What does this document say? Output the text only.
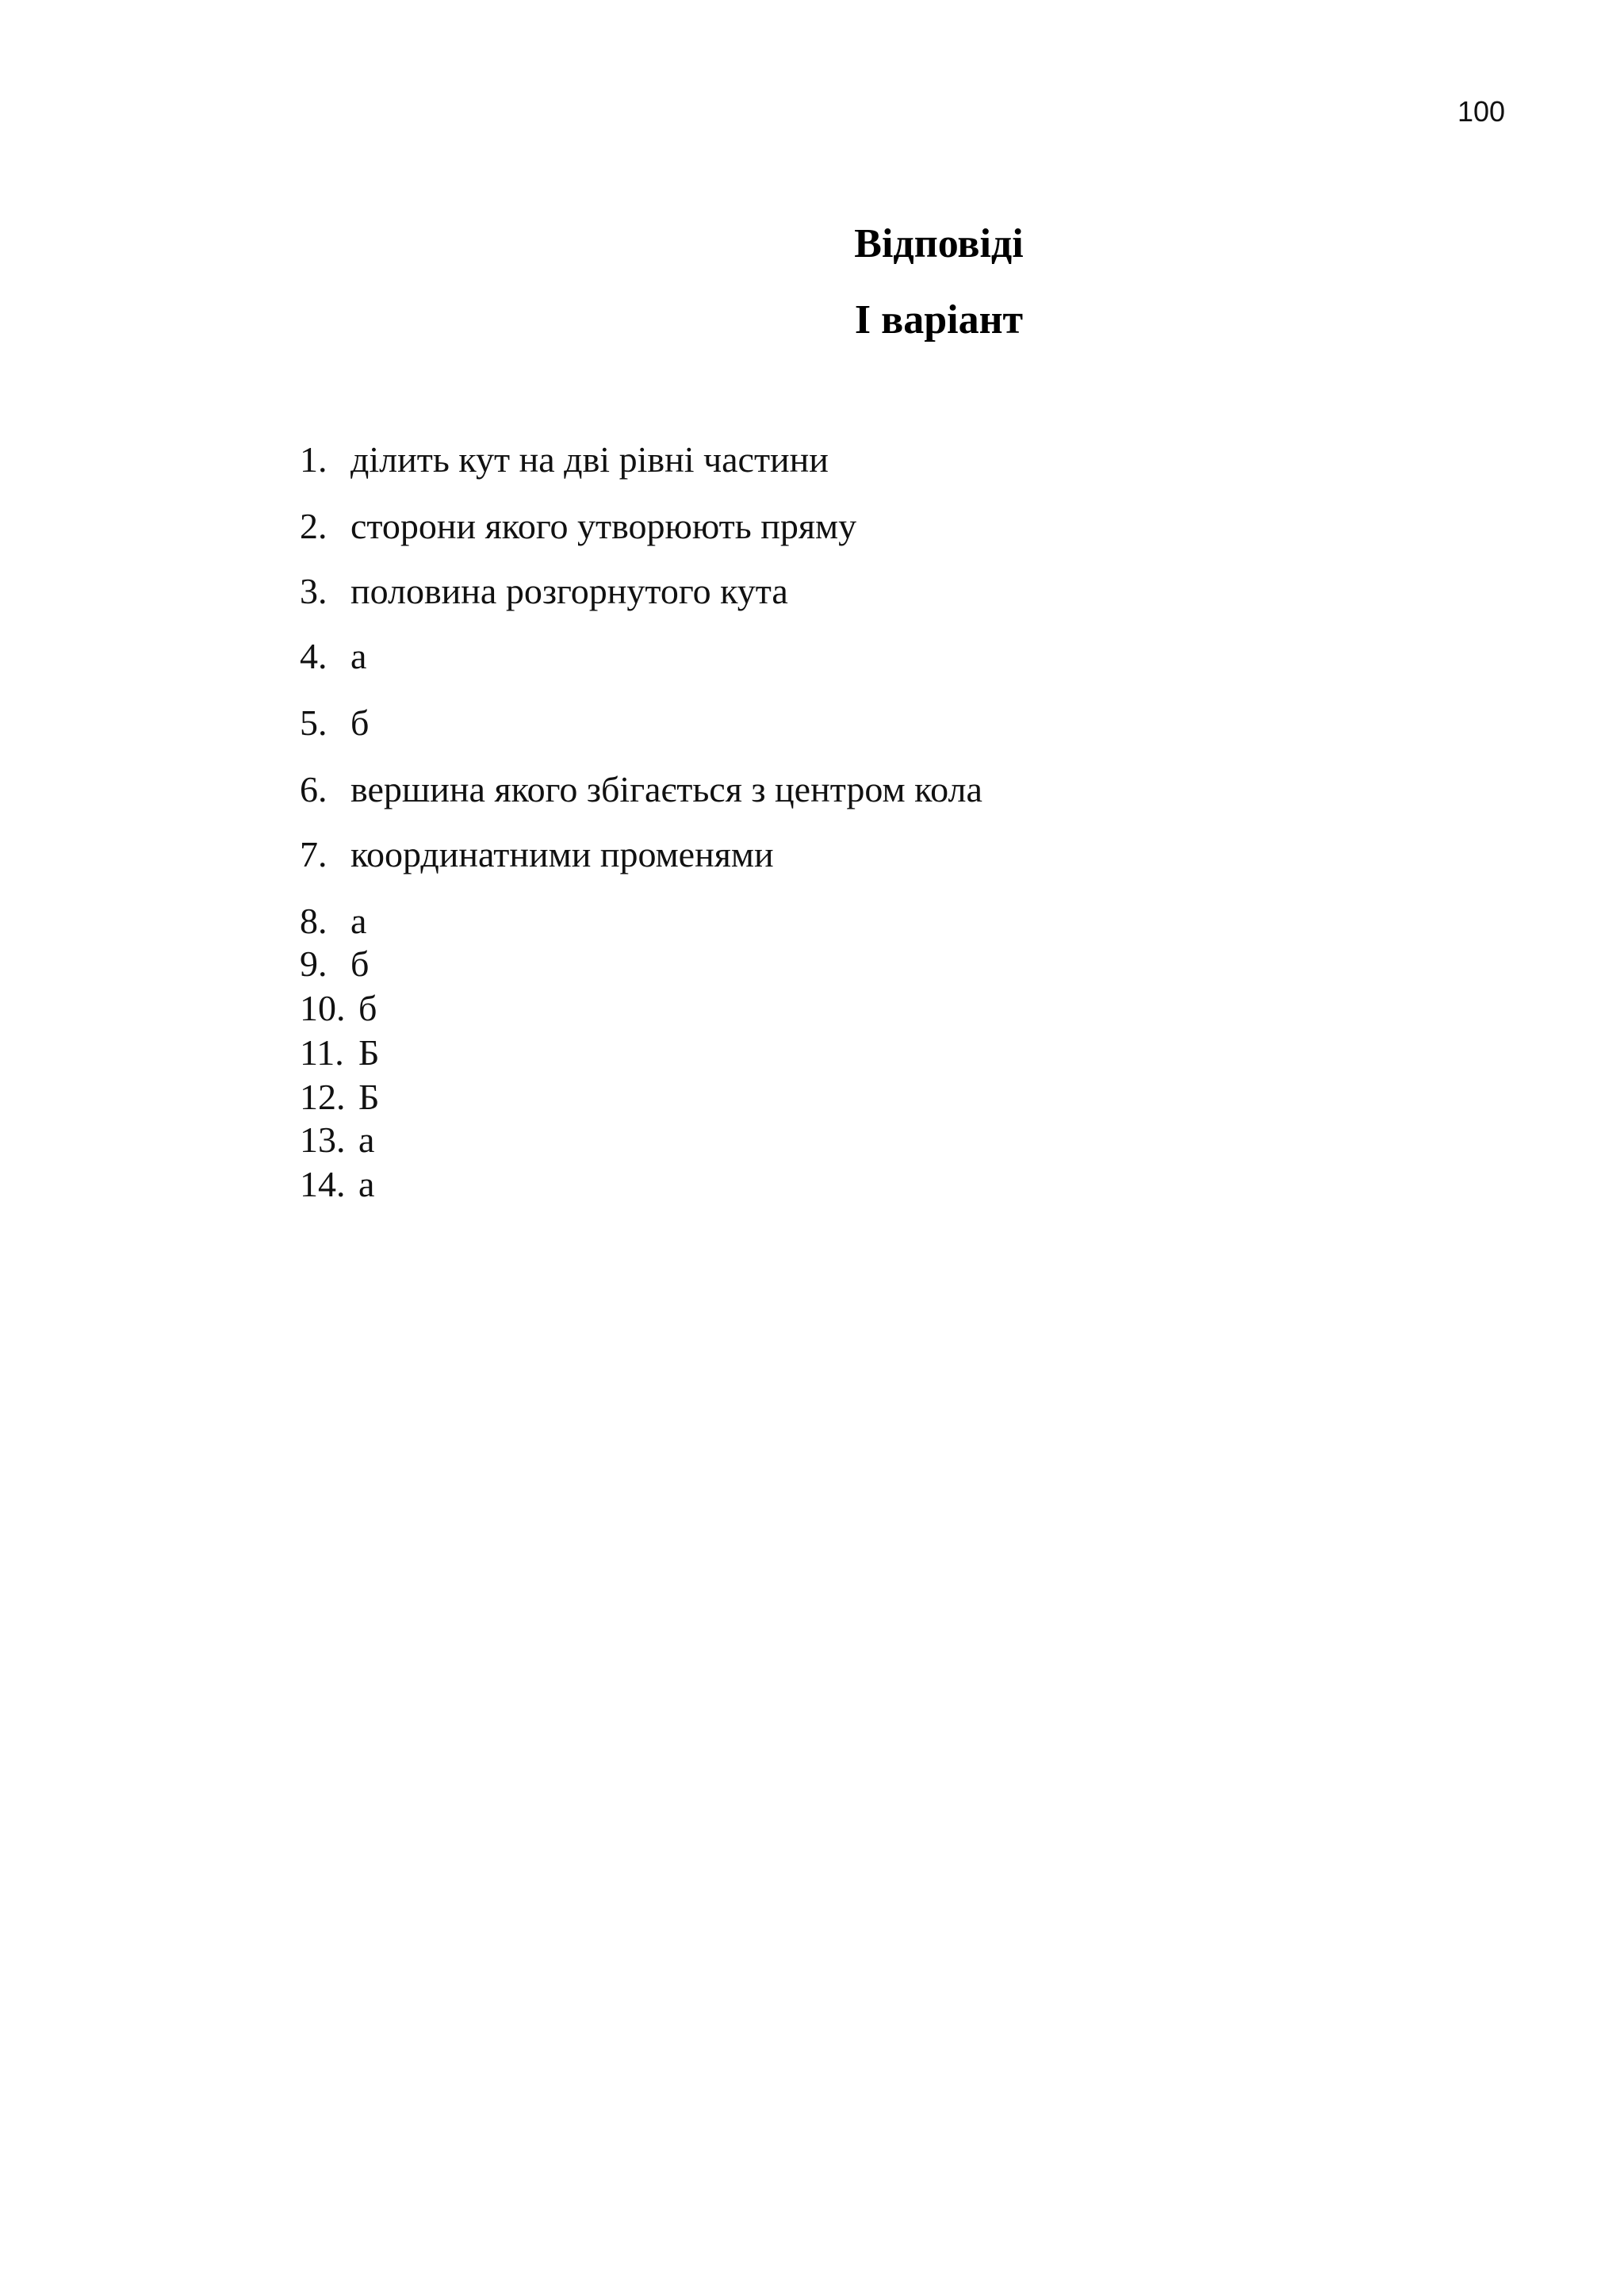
100
Відповіді
І варіант
1. ділить кут на дві рівні частини
2. сторони якого утворюють пряму
3. половина розгорнутого кута
4. а
5. б
6. вершина якого збігається з центром кола
7. координатними променями
8. а
9. б
10. б
11. Б
12. Б
13. а
14. а
